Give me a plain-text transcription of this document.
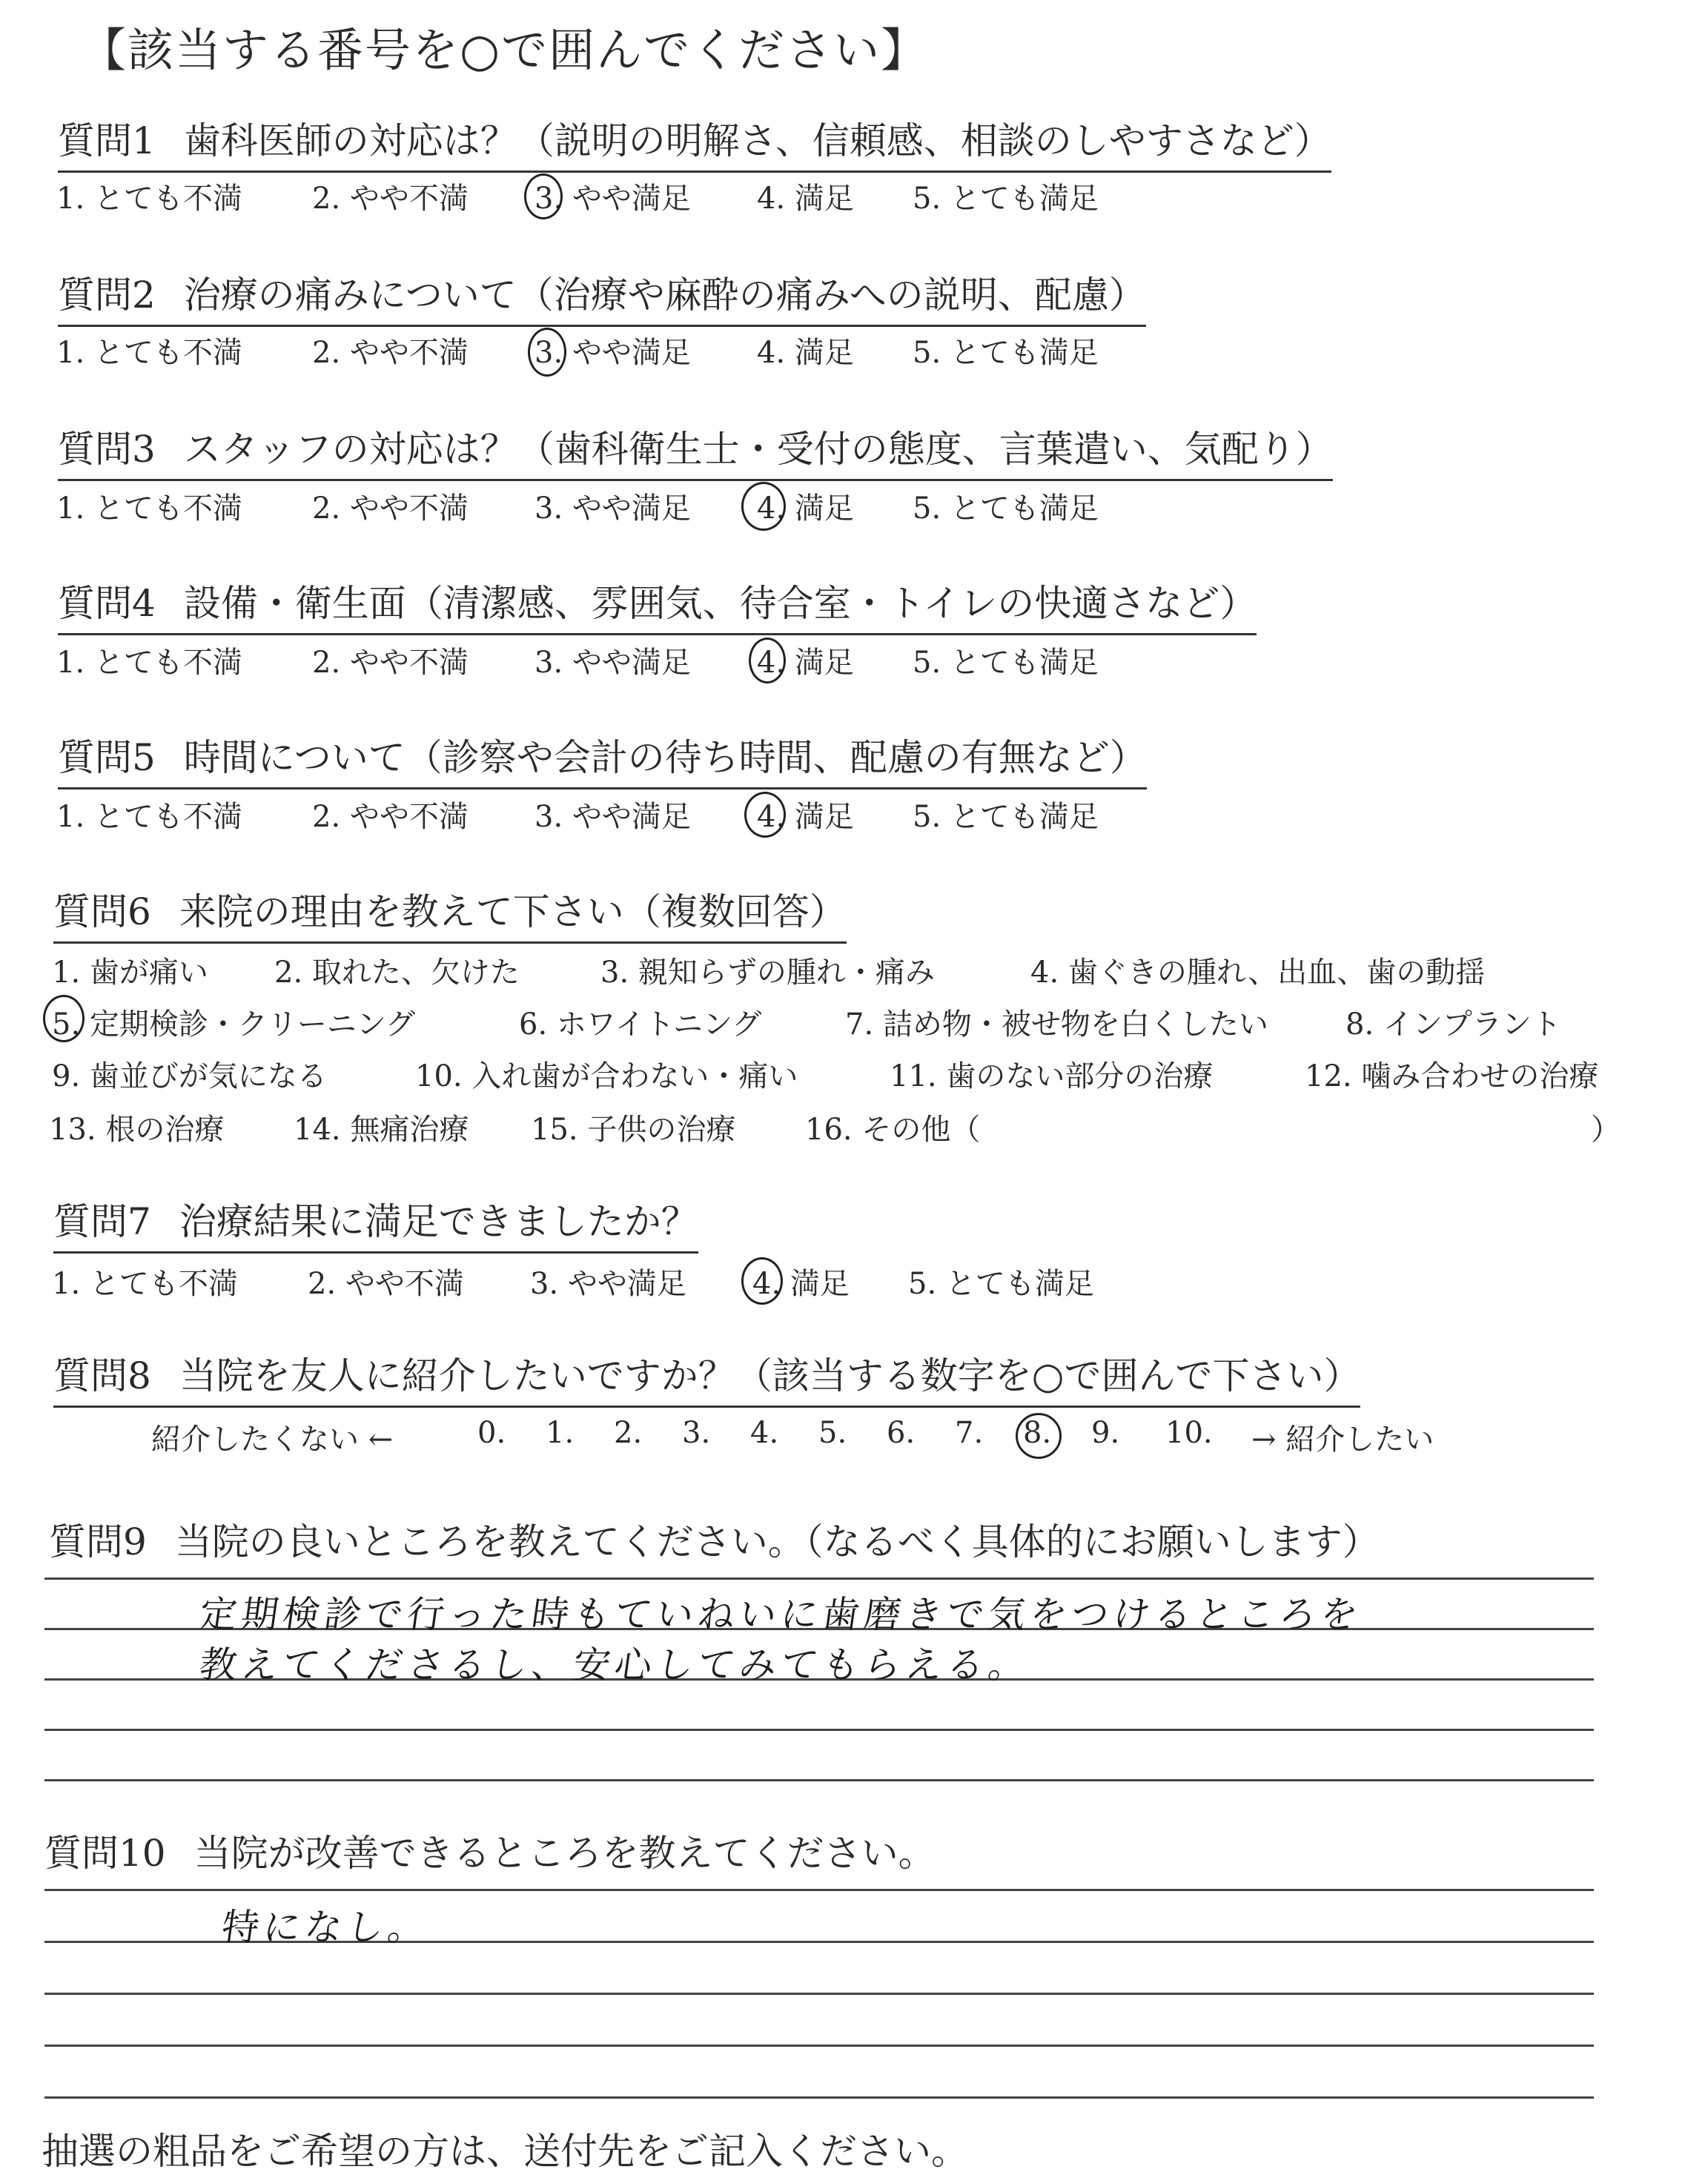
【該当する番号を○で囲んでください】
質問1 歯科医師の対応は？（説明の明解さ、信頼感、相談のしやすさなど）
1. とても不満 2. やや不満 3. やや満足 4. 満足 5. とても満足
質問2 治療の痛みについて（治療や麻酔の痛みへの説明、配慮）
1. とても不満 2. やや不満 3. やや満足 4. 満足 5. とても満足
質問3 スタッフの対応は？（歯科衛生士・受付の態度、言葉遣い、気配り）
1. とても不満 2. やや不満 3. やや満足 4. 満足 5. とても満足
質問4 設備・衛生面（清潔感、雰囲気、待合室・トイレの快適さなど）
1. とても不満 2. やや不満 3. やや満足 4. 満足 5. とても満足
質問5 時間について（診察や会計の待ち時間、配慮の有無など）
1. とても不満 2. やや不満 3. やや満足 4. 満足 5. とても満足
質問6 来院の理由を教えて下さい（複数回答）
1. 歯が痛い 2. 取れた、欠けた	3. 親知らずの腫れ・痛み	4. 歯ぐきの腫れ、出血、歯の動揺
5. 定期検診・クリーニング	6. ホワイトニング	7. 詰め物・被せ物を白くしたい	8. インプラント
9. 歯並びが気になる	10. 入れ歯が合わない・痛い	11. 歯のない部分の治療	12. 噛み合わせの治療
13. 根の治療 14. 無痛治療 15. 子供の治療 16. その他（	）
質問7 治療結果に満足できましたか？
1. とても不満 2. やや不満 3. やや満足 4. 満足 5. とても満足
質問8 当院を友人に紹介したいですか？（該当する数字を○で囲んで下さい）
紹介したくない ←	0. 1. 2. 3. 4. 5. 6. 7. 8. 9. 10. → 紹介したい
質問9 当院の良いところを教えてください。（なるべく具体的にお願いします）
定期検診で行った時もていねいに歯磨きで気をつけるところを
教えてくださるし、安心してみてもらえる。
質問10 当院が改善できるところを教えてください。
特になし。
抽選の粗品をご希望の方は、送付先をご記入ください。
